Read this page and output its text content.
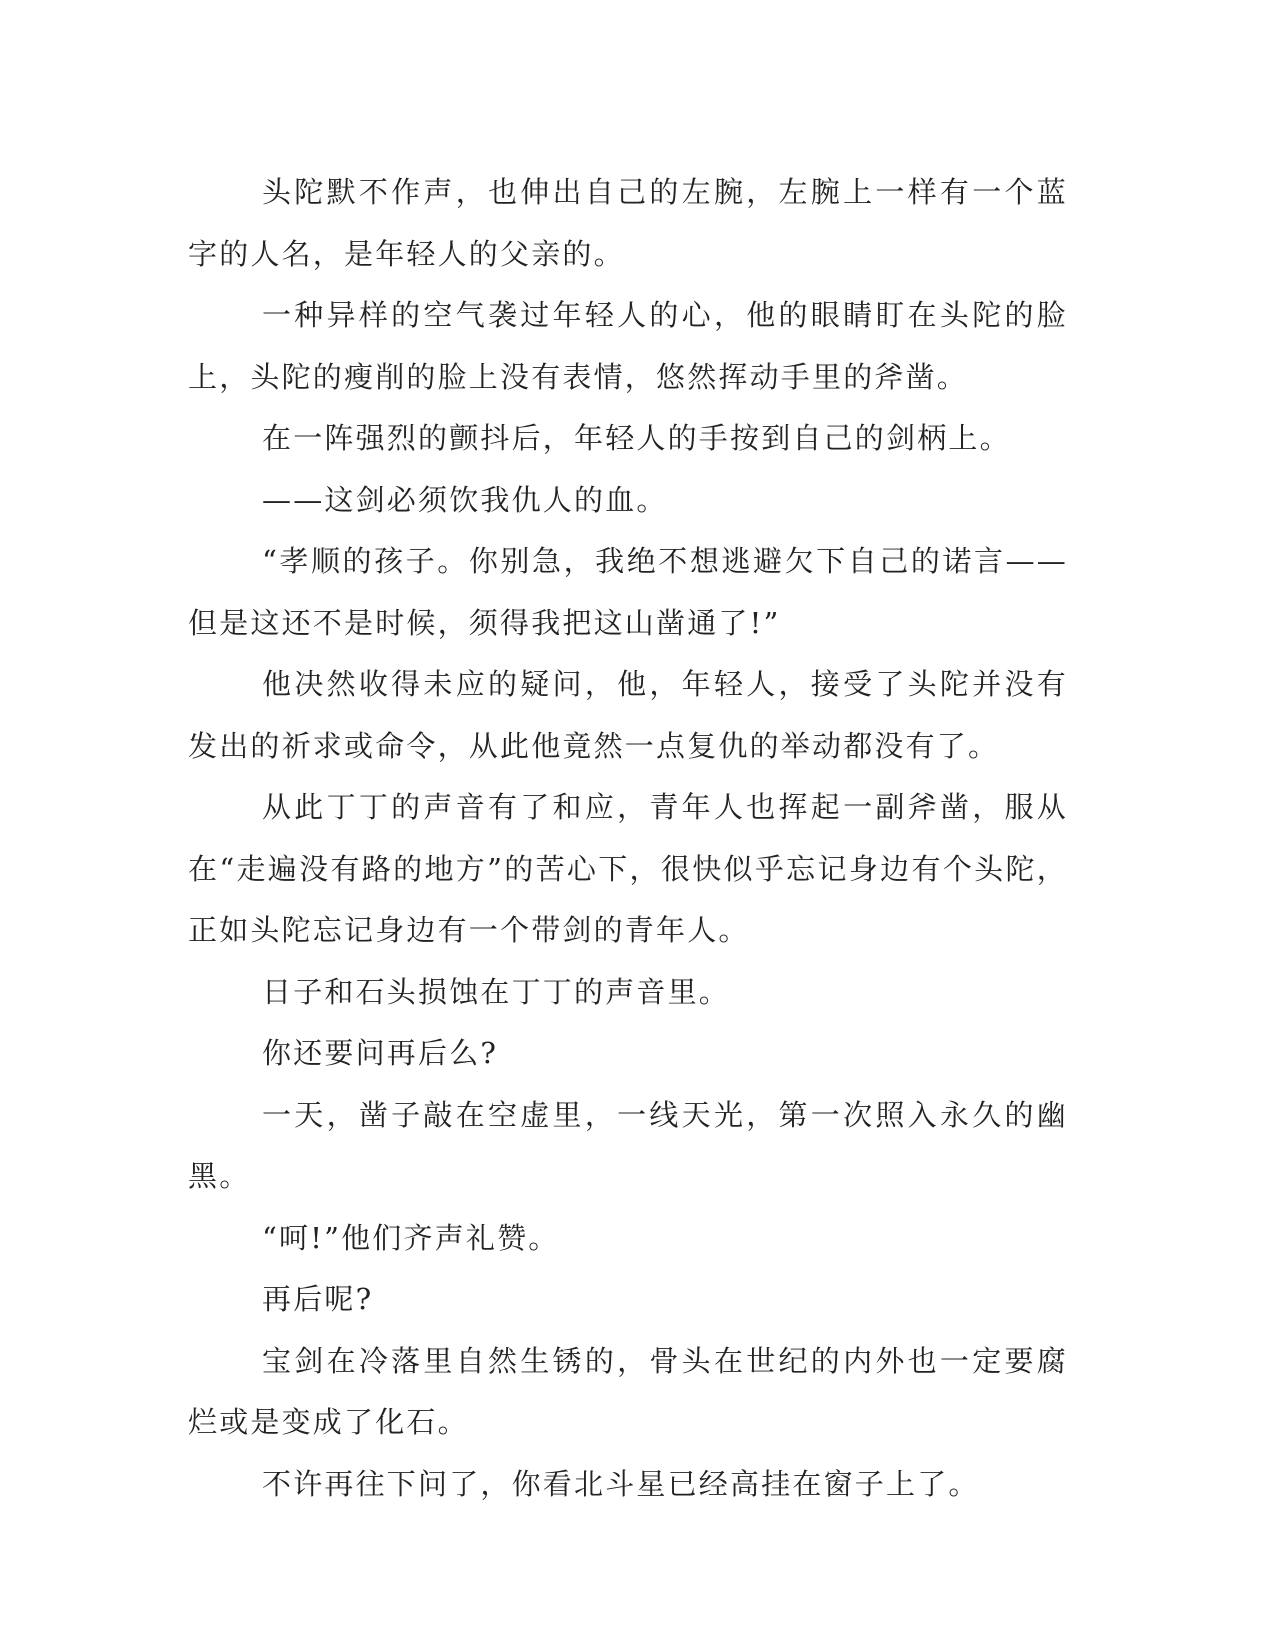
头陀默不作声，也伸出自己的左腕，左腕上一样有一个蓝字的人名，是年轻人的父亲的。

一种异样的空气袭过年轻人的心，他的眼睛盯在头陀的脸上，头陀的瘦削的脸上没有表情，悠然挥动手里的斧凿。

在一阵强烈的颤抖后，年轻人的手按到自己的剑柄上。

——这剑必须饮我仇人的血。

“孝顺的孩子。你别急，我绝不想逃避欠下自己的诺言——但是这还不是时候，须得我把这山凿通了!”

他决然收得未应的疑问，他，年轻人，接受了头陀并没有发出的祈求或命令，从此他竟然一点复仇的举动都没有了。

从此丁丁的声音有了和应，青年人也挥起一副斧凿，服从在“走遍没有路的地方”的苦心下，很快似乎忘记身边有个头陀，正如头陀忘记身边有一个带剑的青年人。

日子和石头损蚀在丁丁的声音里。

你还要问再后么?

一天，凿子敲在空虚里，一线天光，第一次照入永久的幽黑。

“呵!”他们齐声礼赞。

再后呢?

宝剑在冷落里自然生锈的，骨头在世纪的内外也一定要腐烂或是变成了化石。

不许再往下问了，你看北斗星已经高挂在窗子上了。
